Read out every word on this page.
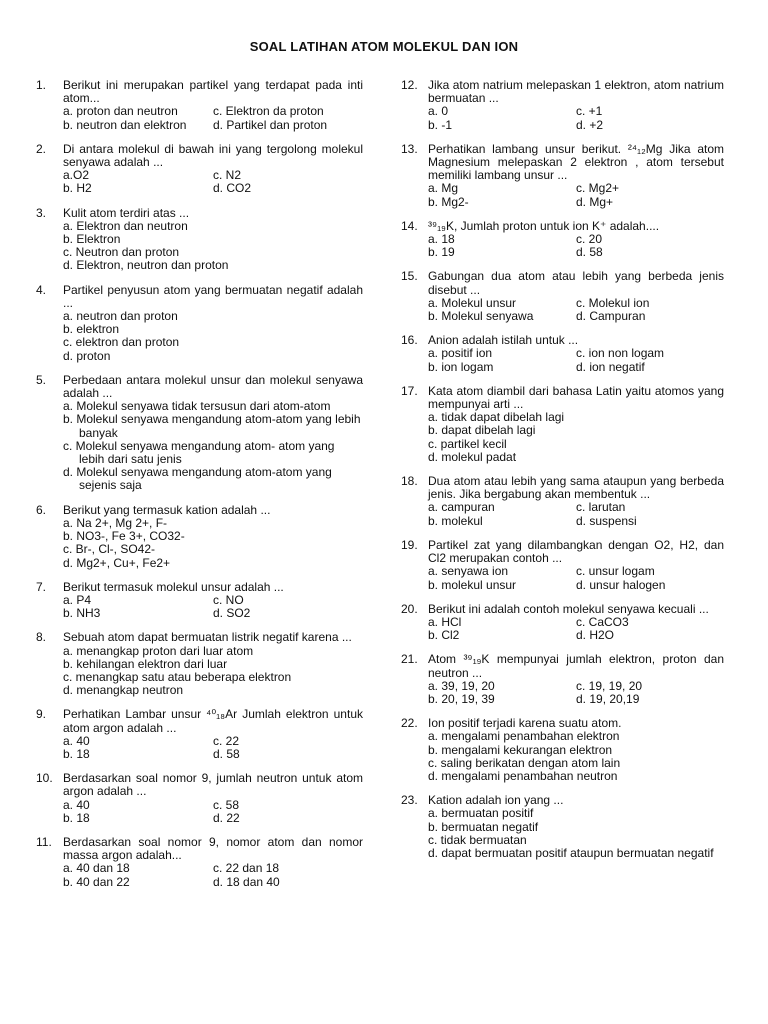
SOAL LATIHAN ATOM MOLEKUL DAN ION
1. Berikut ini merupakan partikel yang terdapat pada inti atom...
a. proton dan neutron	c. Elektron da proton
b. neutron dan elektron	d. Partikel dan proton
2. Di antara molekul di bawah ini yang tergolong molekul senyawa adalah ...
a.O2	c. N2
b. H2	d. CO2
3. Kulit atom terdiri atas ...
a. Elektron dan neutron
b. Elektron
c. Neutron dan proton
d. Elektron, neutron dan proton
4. Partikel penyusun atom yang bermuatan negatif adalah ...
a. neutron dan proton
b. elektron
c. elektron dan proton
d. proton
5. Perbedaan antara molekul unsur dan molekul senyawa adalah ...
a. Molekul senyawa tidak tersusun dari atom-atom
b. Molekul senyawa mengandung atom-atom yang lebih banyak
c. Molekul senyawa mengandung atom- atom yang lebih dari satu jenis
d. Molekul senyawa mengandung atom-atom yang sejenis saja
6. Berikut yang termasuk kation adalah ...
a. Na 2+, Mg 2+, F-
b. NO3-, Fe 3+, CO32-
c. Br-, Cl-, SO42-
d. Mg2+, Cu+, Fe2+
7. Berikut termasuk molekul unsur adalah ...
a. P4	c. NO
b. NH3	d. SO2
8. Sebuah atom dapat bermuatan listrik negatif karena ...
a. menangkap proton dari luar atom
b. kehilangan elektron dari luar
c. menangkap satu atau beberapa elektron
d. menangkap neutron
9. Perhatikan Lambar unsur ⁴⁰₁₈Ar Jumlah elektron untuk atom argon adalah ...
a. 40	c. 22
b. 18	d. 58
10. Berdasarkan soal nomor 9, jumlah neutron untuk atom argon adalah ...
a. 40	c. 58
b. 18	d. 22
11. Berdasarkan soal nomor 9, nomor atom dan nomor massa argon adalah...
a. 40 dan 18	c. 22 dan 18
b. 40 dan 22	d. 18 dan 40
12. Jika atom natrium melepaskan 1 elektron, atom natrium bermuatan ...
a. 0	c. +1
b. -1	d. +2
13. Perhatikan lambang unsur berikut. ²⁴₁₂Mg Jika atom Magnesium melepaskan 2 elektron , atom tersebut memiliki lambang unsur ...
a. Mg	c. Mg2+
b. Mg2-	d. Mg+
14. ³⁹₁₉K, Jumlah proton untuk ion K⁺ adalah....
a. 18	c. 20
b. 19	d. 58
15. Gabungan dua atom atau lebih yang berbeda jenis disebut ...
a. Molekul unsur	c. Molekul ion
b. Molekul senyawa	d. Campuran
16. Anion adalah istilah untuk ...
a. positif ion	c. ion non logam
b. ion logam	d. ion negatif
17. Kata atom diambil dari bahasa Latin yaitu atomos yang mempunyai arti ...
a. tidak dapat dibelah lagi
b. dapat dibelah lagi
c. partikel kecil
d. molekul padat
18. Dua atom atau lebih yang sama ataupun yang berbeda jenis. Jika bergabung akan membentuk ...
a. campuran	c. larutan
b. molekul	d. suspensi
19. Partikel zat yang dilambangkan dengan O2, H2, dan Cl2 merupakan contoh ...
a. senyawa ion	c. unsur logam
b. molekul unsur	d. unsur halogen
20. Berikut ini adalah contoh molekul senyawa kecuali ...
a. HCl	c. CaCO3
b. Cl2	d. H2O
21. Atom ³⁹₁₉K mempunyai jumlah elektron, proton dan neutron ...
a. 39, 19, 20	c. 19, 19, 20
b. 20, 19, 39	d. 19, 20,19
22. Ion positif terjadi karena suatu atom.
a. mengalami penambahan elektron
b. mengalami kekurangan elektron
c. saling berikatan dengan atom lain
d. mengalami penambahan neutron
23. Kation adalah ion yang ...
a. bermuatan positif
b. bermuatan negatif
c. tidak bermuatan
d. dapat bermuatan positif ataupun bermuatan negatif
